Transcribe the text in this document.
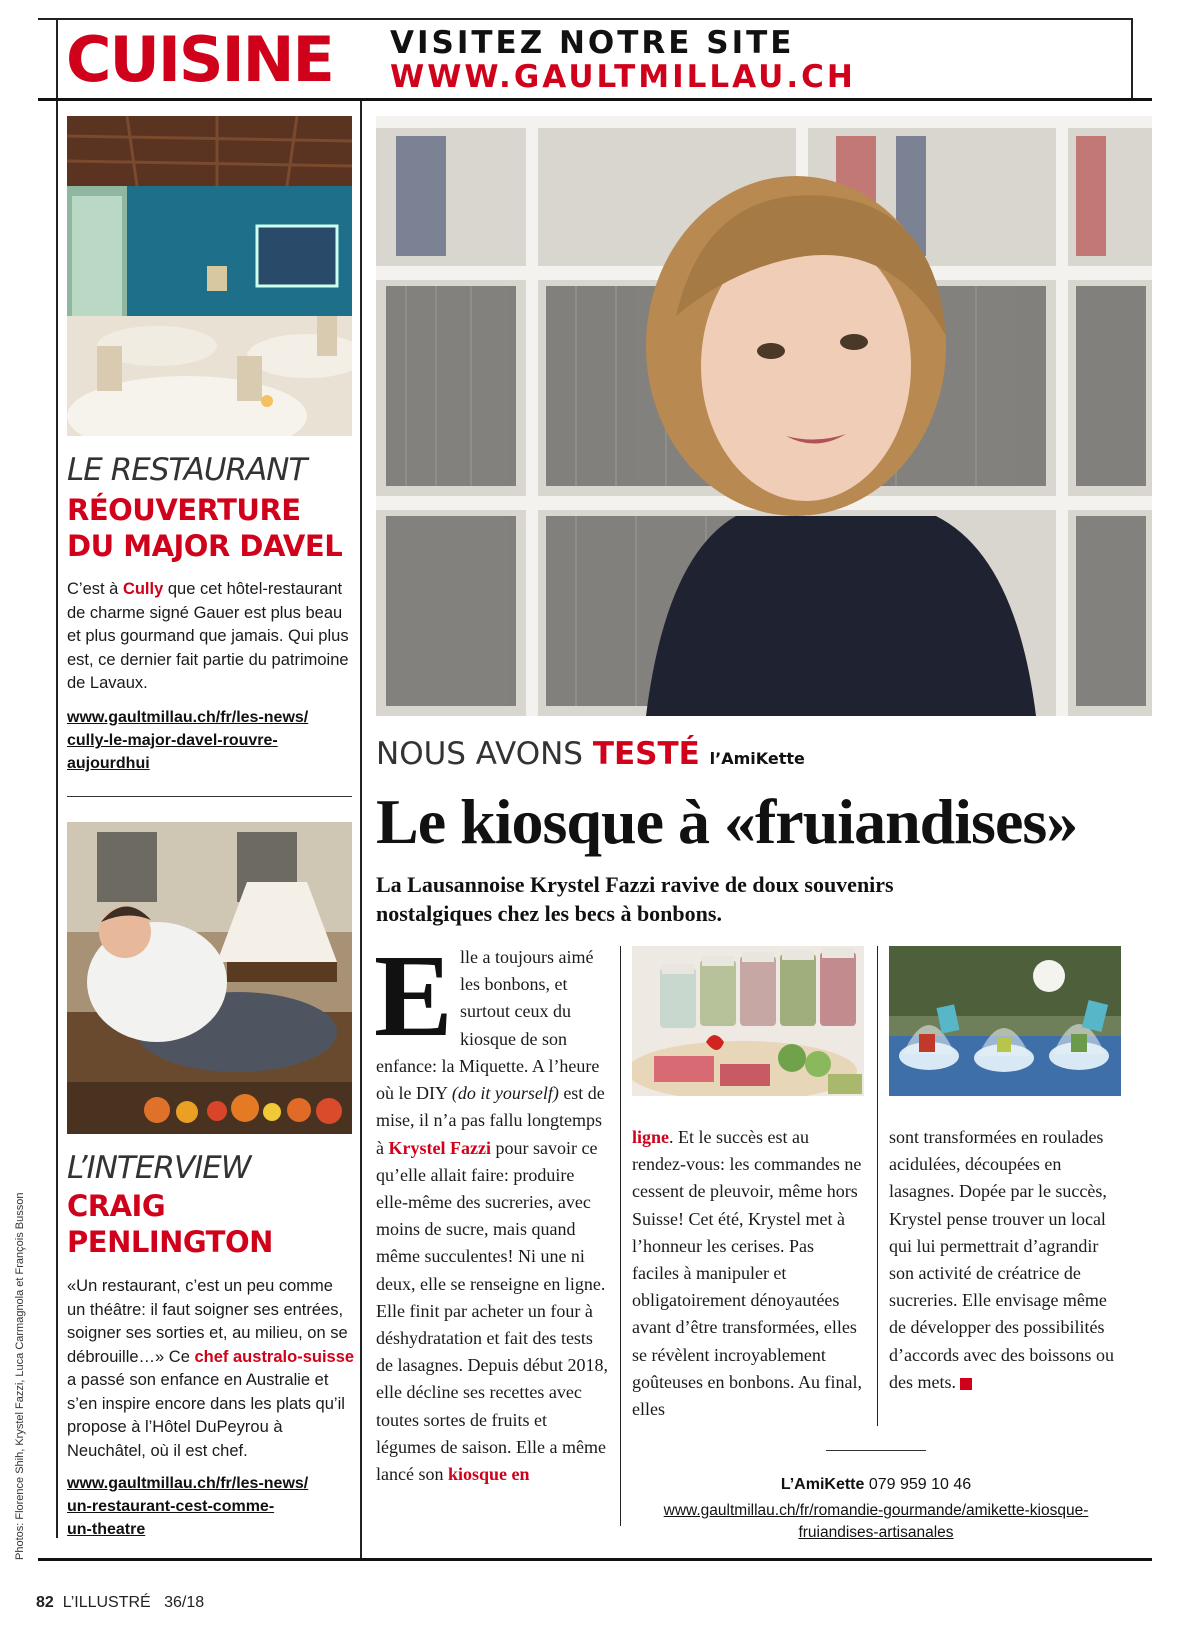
CUISINE VISITEZ NOTRE SITE
WWW.GAULTMILLAU.CH
LE RESTAURANT
RÉOUVERTURE
DU MAJOR DAVEL
C’est à Cully que cet hôtel-restaurant de charme signé Gauer est plus beau et plus gourmand que jamais. Qui plus est, ce dernier fait partie du patrimoine de Lavaux.
www.gaultmillau.ch/fr/les-news/
cully-le-major-davel-rouvre-
aujourdhui
L’INTERVIEW
CRAIG
PENLINGTON
«Un restaurant, c’est un peu comme un théâtre: il faut soigner ses entrées, soigner ses sorties et, au milieu, on se débrouille…» Ce chef australo-suisse a passé son enfance en Australie et s’en inspire encore dans les plats qu’il propose à l’Hôtel DuPeyrou à Neuchâtel, où il est chef.
www.gaultmillau.ch/fr/les-news/
un-restaurant-cest-comme-
un-theatre
Photos: Florence Shih, Krystel Fazzi, Luca Carmagnola et François Busson
NOUS AVONS TESTÉ l’AmiKette
Le kiosque à «fruiandises»
La Lausannoise Krystel Fazzi ravive de doux souvenirs nostalgiques chez les becs à bonbons.
E lle a toujours aimé
les bonbons, et
surtout ceux du
kiosque de son
enfance: la Miquette. A l’heure où le DIY (do it yourself) est de mise, il n’a pas fallu longtemps à Krystel Fazzi pour savoir ce qu’elle allait faire: produire elle-même des sucreries, avec moins de sucre, mais quand même succulentes! Ni une ni deux, elle se renseigne en ligne. Elle finit par acheter un four à déshydratation et fait des tests de lasagnes. Depuis début 2018, elle décline ses recettes avec toutes sortes de fruits et légumes de saison. Elle a même lancé son kiosque en
ligne. Et le succès est au rendez-vous: les commandes ne cessent de pleuvoir, même hors Suisse! Cet été, Krystel met à l’honneur les cerises. Pas faciles à manipuler et obligatoirement dénoyautées avant d’être transformées, elles se révèlent incroyablement goûteuses en bonbons. Au final, elles
sont transformées en roulades acidulées, découpées en lasagnes. Dopée par le succès, Krystel pense trouver un local qui lui permettrait d’agrandir son activité de créatrice de sucreries. Elle envisage même de développer des possibilités d’accords avec des boissons ou des mets.
L’AmiKette 079 959 10 46
www.gaultmillau.ch/fr/romandie-gourmande/amikette-kiosque-
fruiandises-artisanales
82 L’ILLUSTRÉ 36/18
